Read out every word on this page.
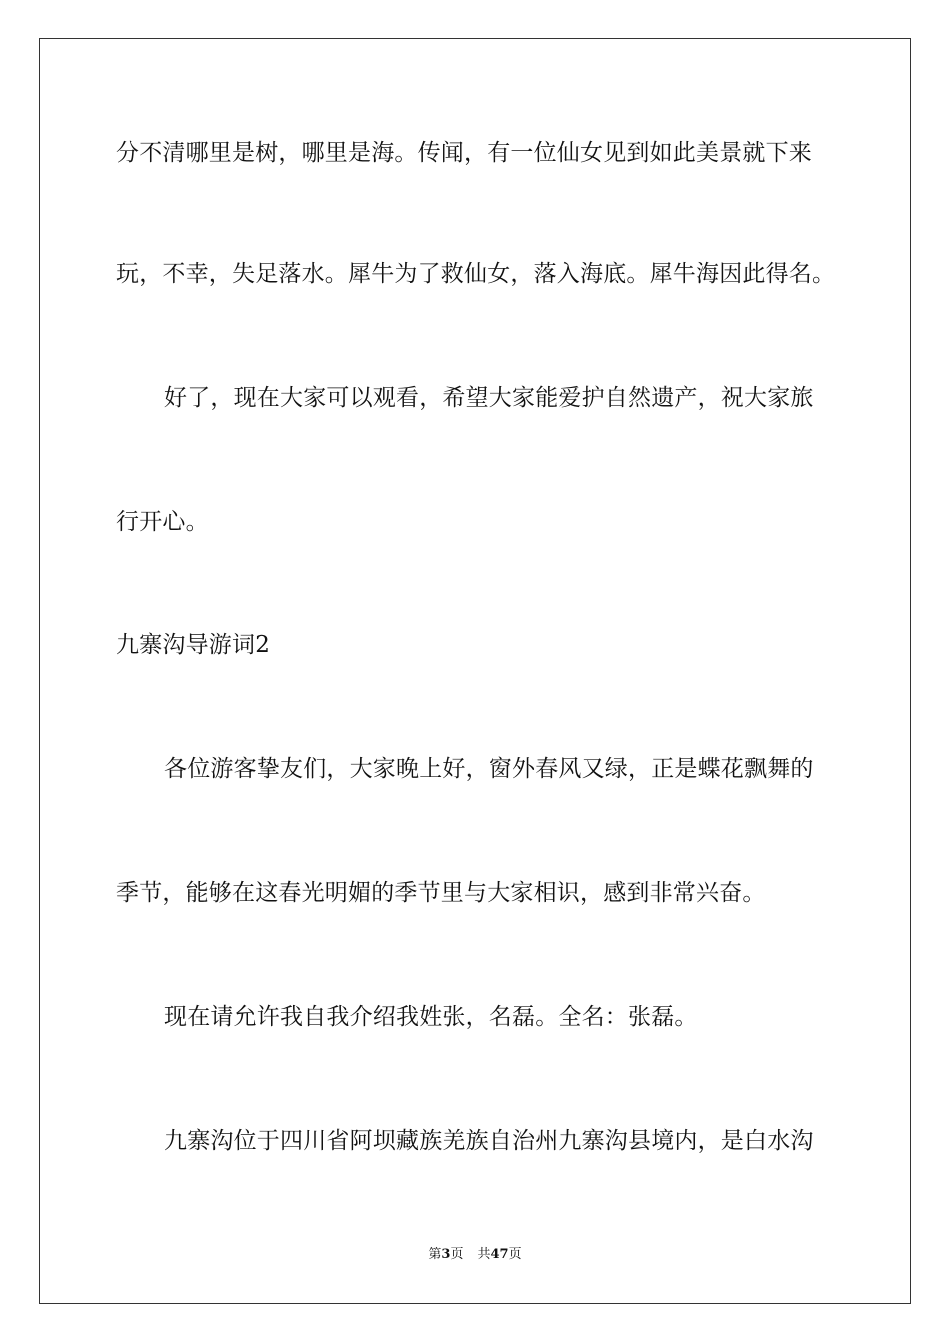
分不清哪里是树，哪里是海。传闻，有一位仙女见到如此美景就下来
玩，不幸，失足落水。犀牛为了救仙女，落入海底。犀牛海因此得名。
好了，现在大家可以观看，希望大家能爱护自然遗产，祝大家旅
行开心。
九寨沟导游词2
各位游客挚友们，大家晚上好，窗外春风又绿，正是蝶花飘舞的
季节，能够在这春光明媚的季节里与大家相识，感到非常兴奋。
现在请允许我自我介绍我姓张，名磊。全名：张磊。
九寨沟位于四川省阿坝藏族羌族自治州九寨沟县境内，是白水沟
第3页 共47页
